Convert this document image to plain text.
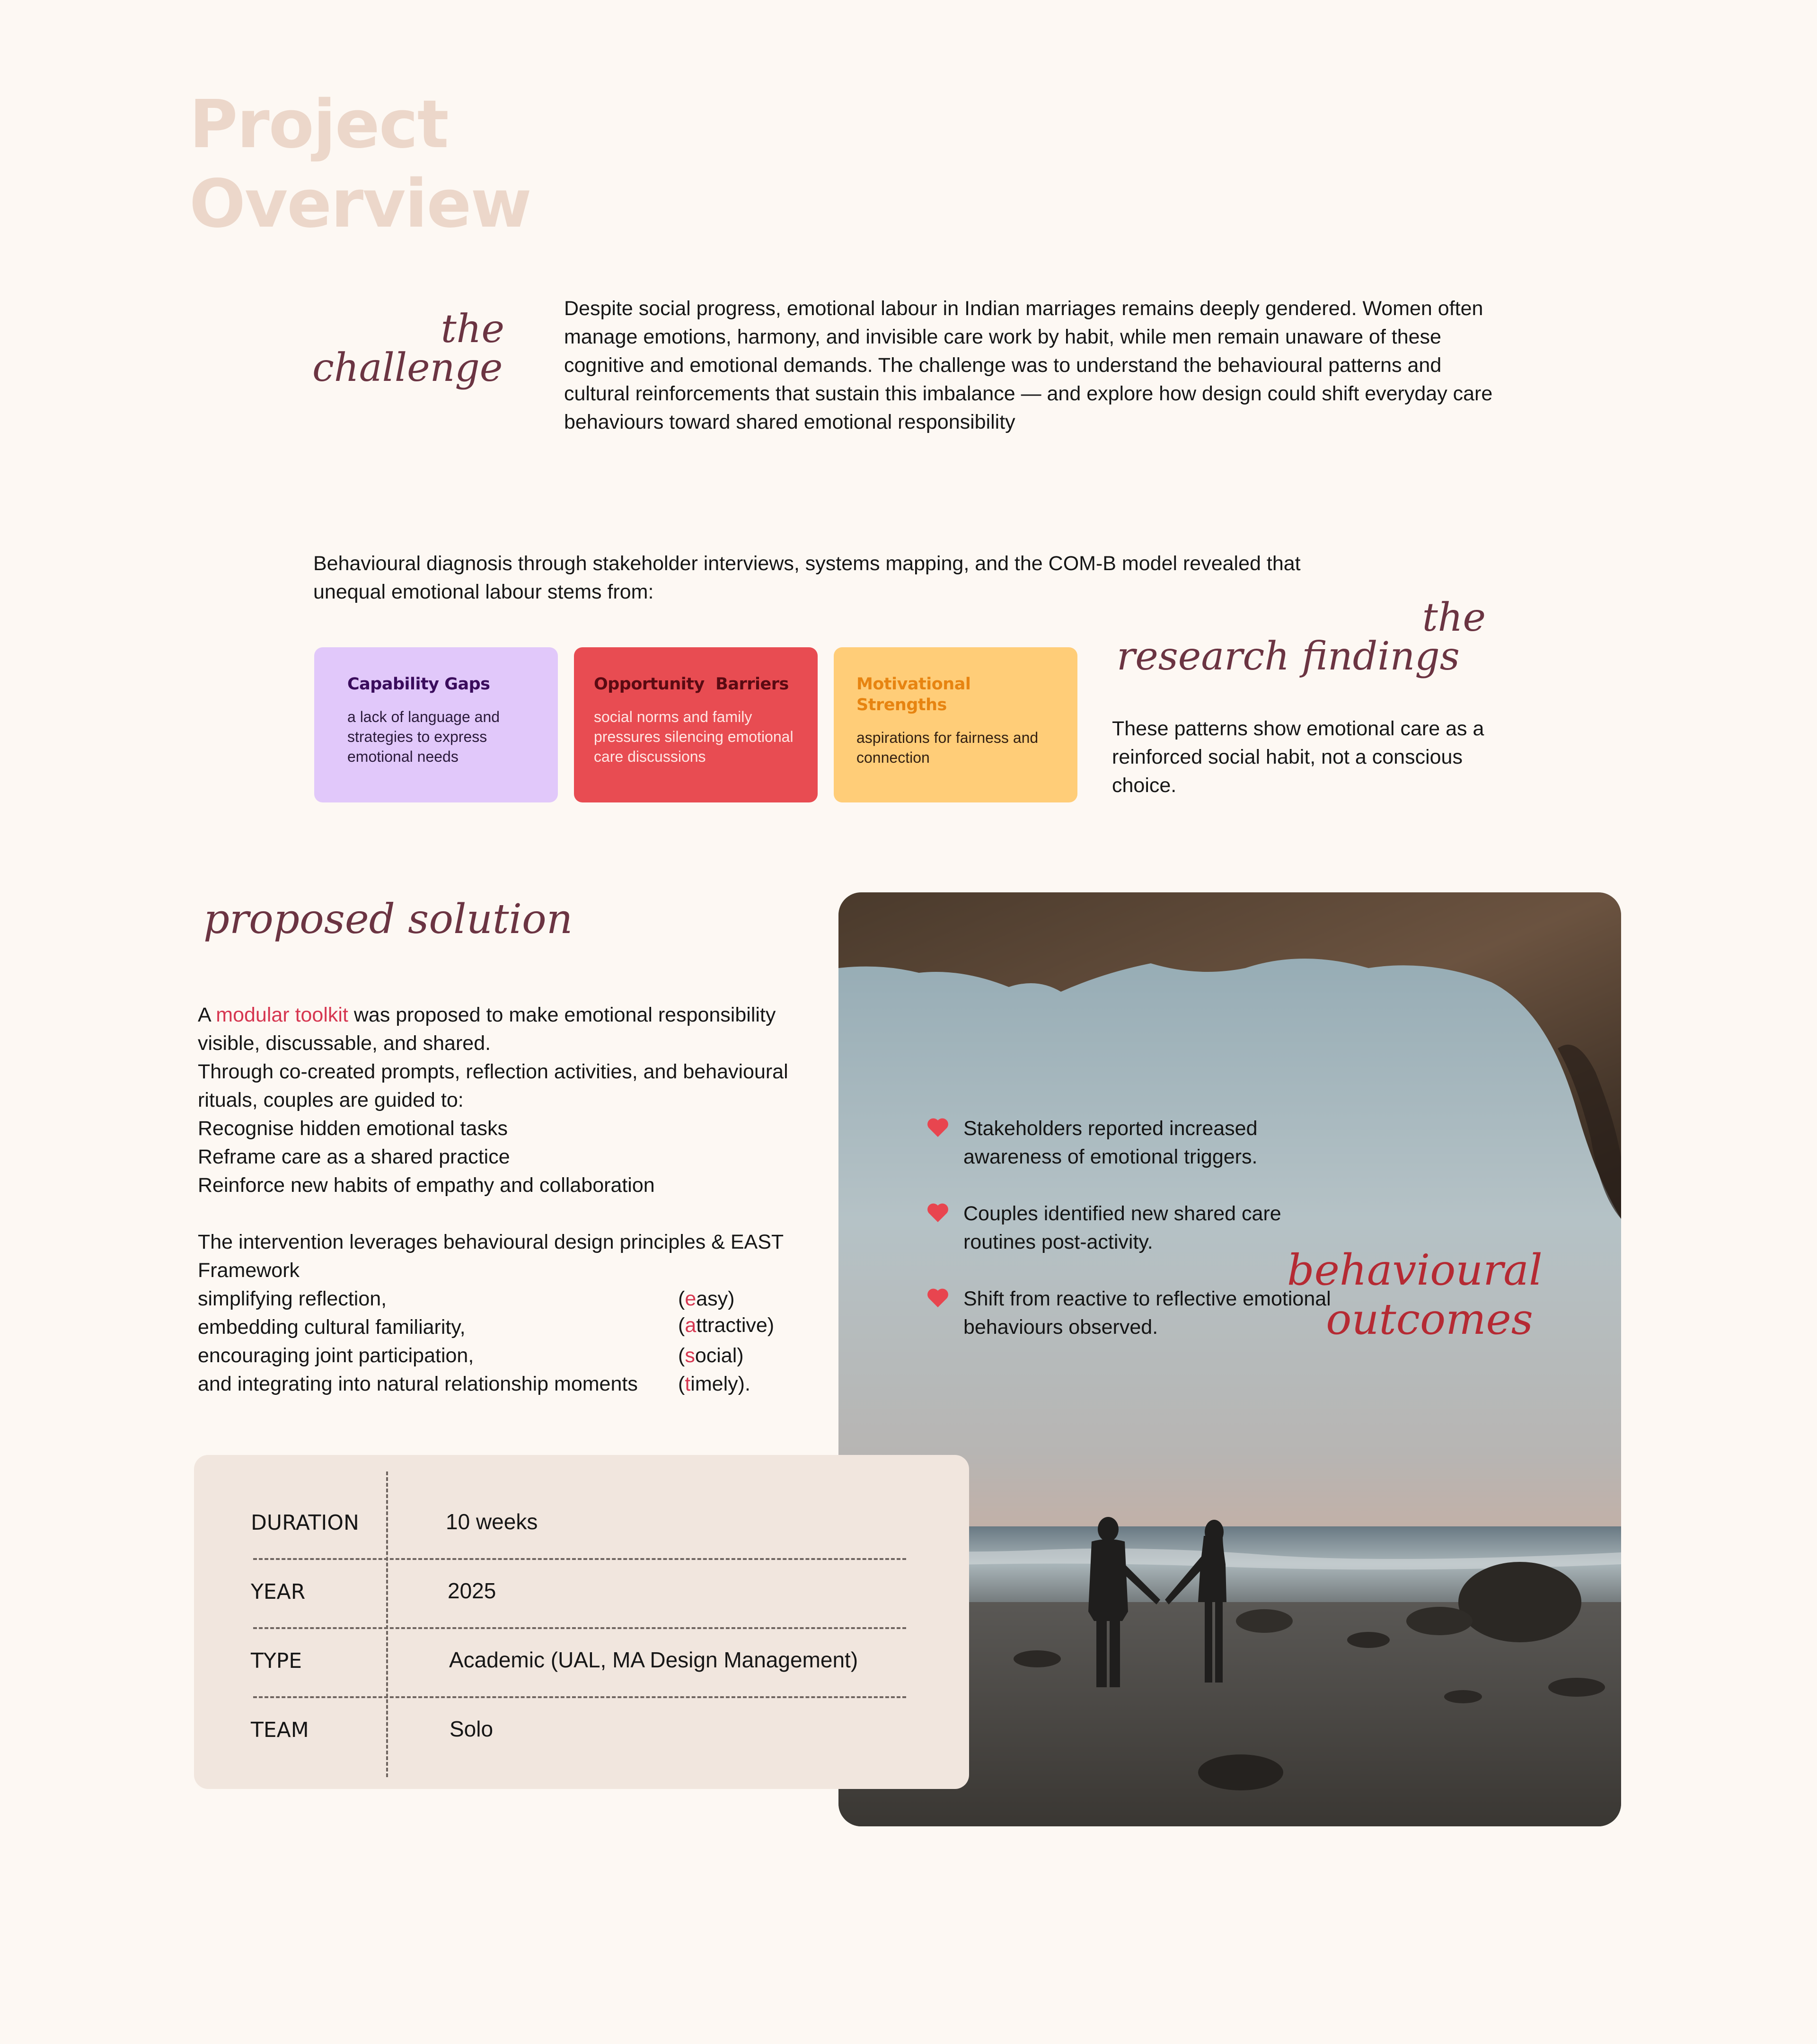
Project
Overview
the
challenge

Despite social progress, emotional labour in Indian marriages remains deeply gendered. Women often manage emotions, harmony, and invisible care work by habit, while men remain unaware of these cognitive and emotional demands. The challenge was to understand the behavioural patterns and cultural reinforcements that sustain this imbalance — and explore how design could shift everyday care behaviours toward shared emotional responsibility

Behavioural diagnosis through stakeholder interviews, systems mapping, and the COM-B model revealed that unequal emotional labour stems from:

Capability Gaps
a lack of language and strategies to express emotional needs
Opportunity  Barriers
social norms and family pressures silencing emotional care discussions
Motivational Strengths
aspirations for fairness and connection
the
research findings

These patterns show emotional care as a reinforced social habit, not a conscious choice.

proposed solution

A modular toolkit was proposed to make emotional responsibility visible, discussable, and shared.

Through co-created prompts, reflection activities, and behavioural rituals, couples are guided to:

Recognise hidden emotional tasks

Reframe care as a shared practice

Reinforce new habits of empathy and collaboration

The intervention leverages behavioural design principles & EAST Framework

simplifying reflection,	(easy)
embedding cultural familiarity,	(attractive)
encouraging joint participation,	(social)
and integrating into natural relationship moments (timely).
Stakeholders reported increased awareness of emotional triggers.
Couples identified new shared care routines post-activity.
Shift from reactive to reflective emotional behaviours observed.
behavioural
outcomes
DURATION	10 weeks
YEAR	2025
TYPE	Academic (UAL, MA Design Management)
TEAM	Solo
